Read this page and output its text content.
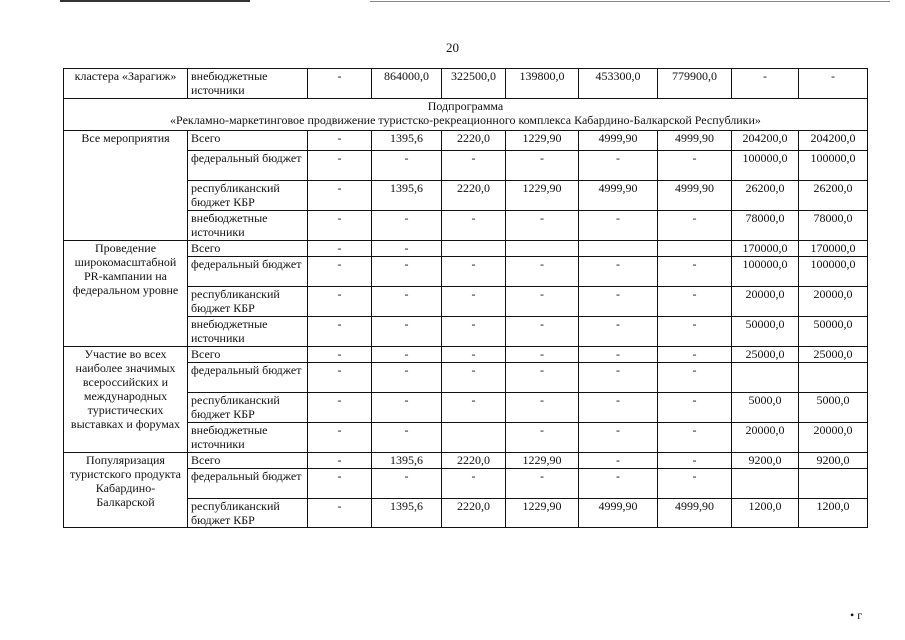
20
кластера «Зарагиж»	внебюджетные источники	-	864000,0	322500,0	139800,0	453300,0	779900,0	-	-

Подпрограмма
«Рекламно-маркетинговое продвижение туристско-рекреационного комплекса Кабардино-Балкарской Республики»									

Все мероприятия	Всего	-	1395,6	2220,0	1229,90	4999,90	4999,90	204200,0	204200,0
	федеральный бюджет	-	-	-	-	-	-	100000,0	100000,0
	республиканский бюджет КБР	-	1395,6	2220,0	1229,90	4999,90	4999,90	26200,0	26200,0
	внебюджетные источники	-	-	-	-	-	-	78000,0	78000,0
Проведение широкомасштабной PR-кампании на федеральном уровне	Всего	-	-					170000,0	170000,0
	федеральный бюджет	-	-	-	-	-	-	100000,0	100000,0
	республиканский бюджет КБР	-	-	-	-	-	-	20000,0	20000,0
	внебюджетные источники	-	-	-	-	-	-	50000,0	50000,0
Участие во всех наиболее значимых всероссийских и международных туристических выставках и форумах	Всего	-	-	-	-	-	-	25000,0	25000,0
	федеральный бюджет	-	-	-	-	-	-		
	республиканский бюджет КБР	-	-	-	-	-	-	5000,0	5000,0
	внебюджетные источники	-	-		-	-	-	20000,0	20000,0
Популяризация туристского продукта Кабардино-Балкарской	Всего	-	1395,6	2220,0	1229,90	-	-	9200,0	9200,0
	федеральный бюджет	-	-	-	-	-	-		
	республиканский бюджет КБР	-	1395,6	2220,0	1229,90	4999,90	4999,90	1200,0	1200,0
• г
